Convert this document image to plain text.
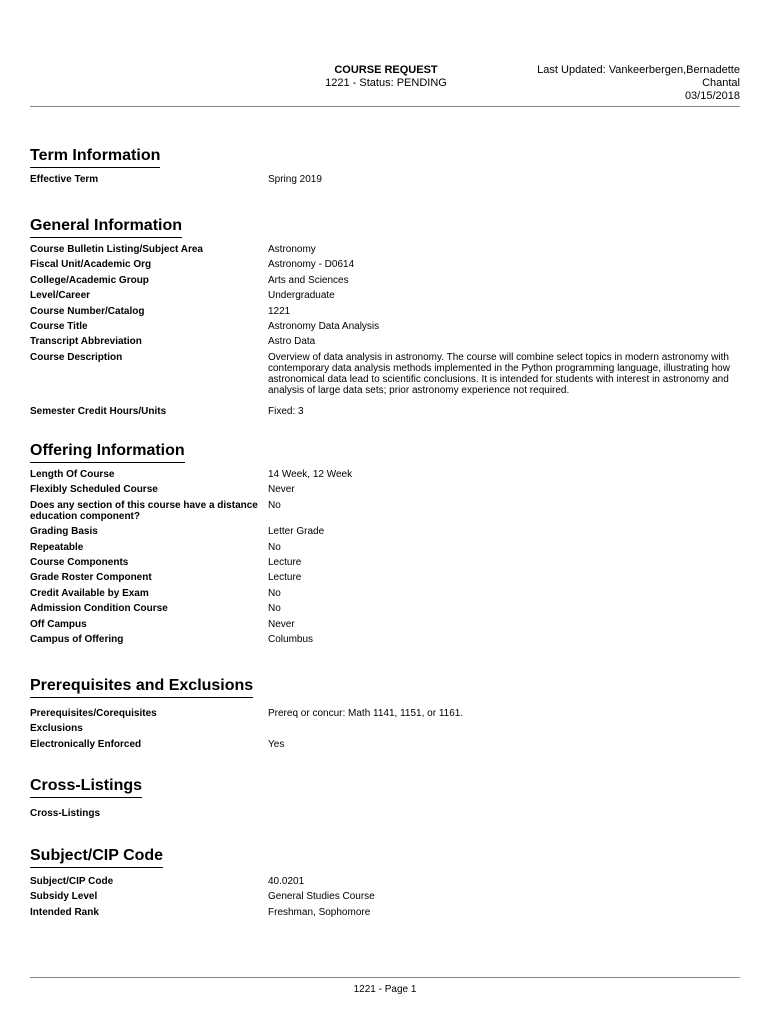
COURSE REQUEST
1221 - Status: PENDING
Last Updated: Vankeerbergen,Bernadette
Chantal
03/15/2018
Term Information
Effective Term	Spring 2019
General Information
Course Bulletin Listing/Subject Area	Astronomy
Fiscal Unit/Academic Org	Astronomy - D0614
College/Academic Group	Arts and Sciences
Level/Career	Undergraduate
Course Number/Catalog	1221
Course Title	Astronomy Data Analysis
Transcript Abbreviation	Astro Data
Course Description	Overview of data analysis in astronomy. The course will combine select topics in modern astronomy with contemporary data analysis methods implemented in the Python programming language, illustrating how astronomical data lead to scientific conclusions. It is intended for students with interest in astronomy and analysis of large data sets; prior astronomy experience not required.
Semester Credit Hours/Units	Fixed: 3
Offering Information
Length Of Course	14 Week, 12 Week
Flexibly Scheduled Course	Never
Does any section of this course have a distance education component?
No
Grading Basis	Letter Grade
Repeatable	No
Course Components	Lecture
Grade Roster Component	Lecture
Credit Available by Exam	No
Admission Condition Course	No
Off Campus	Never
Campus of Offering	Columbus
Prerequisites and Exclusions
Prerequisites/Corequisites	Prereq or concur: Math 1141, 1151, or 1161.
Exclusions
Electronically Enforced	Yes
Cross-Listings
Cross-Listings
Subject/CIP Code
Subject/CIP Code	40.0201
Subsidy Level	General Studies Course
Intended Rank	Freshman, Sophomore
1221 - Page 1
